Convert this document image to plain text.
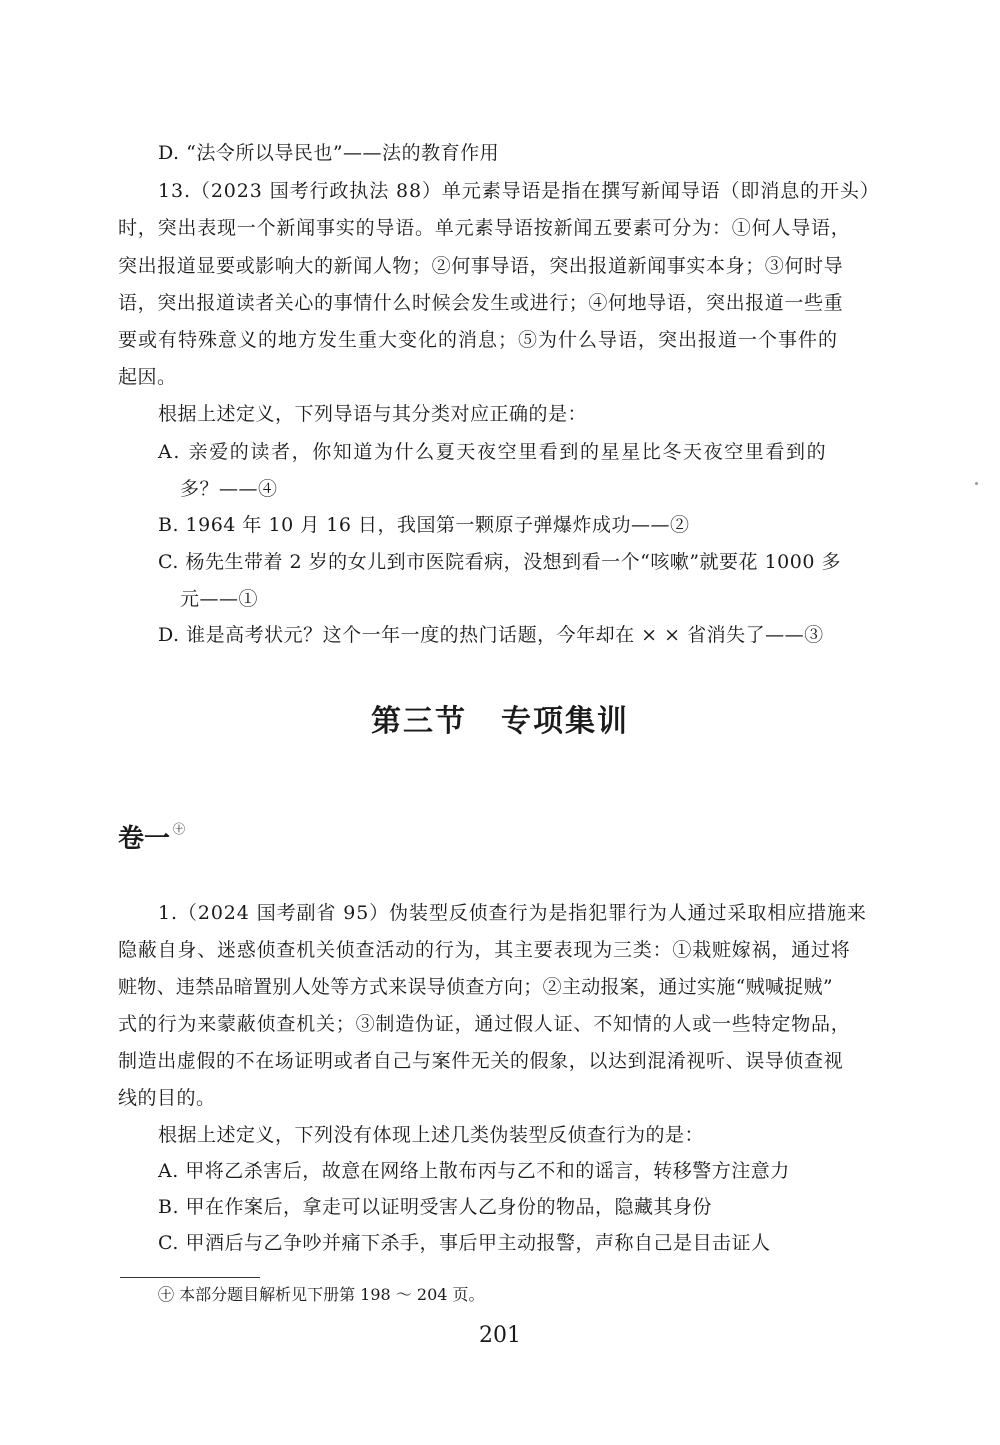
D. “法令所以导民也”——法的教育作用
13.（2023 国考行政执法 88）单元素导语是指在撰写新闻导语（即消息的开头）
时，突出表现一个新闻事实的导语。单元素导语按新闻五要素可分为：①何人导语，
突出报道显要或影响大的新闻人物；②何事导语，突出报道新闻事实本身；③何时导
语，突出报道读者关心的事情什么时候会发生或进行；④何地导语，突出报道一些重
要或有特殊意义的地方发生重大变化的消息；⑤为什么导语，突出报道一个事件的
起因。
根据上述定义，下列导语与其分类对应正确的是：
A. 亲爱的读者，你知道为什么夏天夜空里看到的星星比冬天夜空里看到的
多？——④
B. 1964 年 10 月 16 日，我国第一颗原子弹爆炸成功——②
C. 杨先生带着 2 岁的女儿到市医院看病，没想到看一个“咳嗽”就要花 1000 多
元——①
D. 谁是高考状元？这个一年一度的热门话题，今年却在 × × 省消失了——③
第三节 专项集训
卷一 ㊉
1.（2024 国考副省 95）伪装型反侦查行为是指犯罪行为人通过采取相应措施来
隐蔽自身、迷惑侦查机关侦查活动的行为，其主要表现为三类：①栽赃嫁祸，通过将
赃物、违禁品暗置别人处等方式来误导侦查方向；②主动报案，通过实施“贼喊捉贼”
式的行为来蒙蔽侦查机关；③制造伪证，通过假人证、不知情的人或一些特定物品，
制造出虚假的不在场证明或者自己与案件无关的假象，以达到混淆视听、误导侦查视
线的目的。
根据上述定义，下列没有体现上述几类伪装型反侦查行为的是：
A. 甲将乙杀害后，故意在网络上散布丙与乙不和的谣言，转移警方注意力
B. 甲在作案后，拿走可以证明受害人乙身份的物品，隐藏其身份
C. 甲酒后与乙争吵并痛下杀手，事后甲主动报警，声称自己是目击证人
㊉ 本部分题目解析见下册第 198 ～ 204 页。
201
